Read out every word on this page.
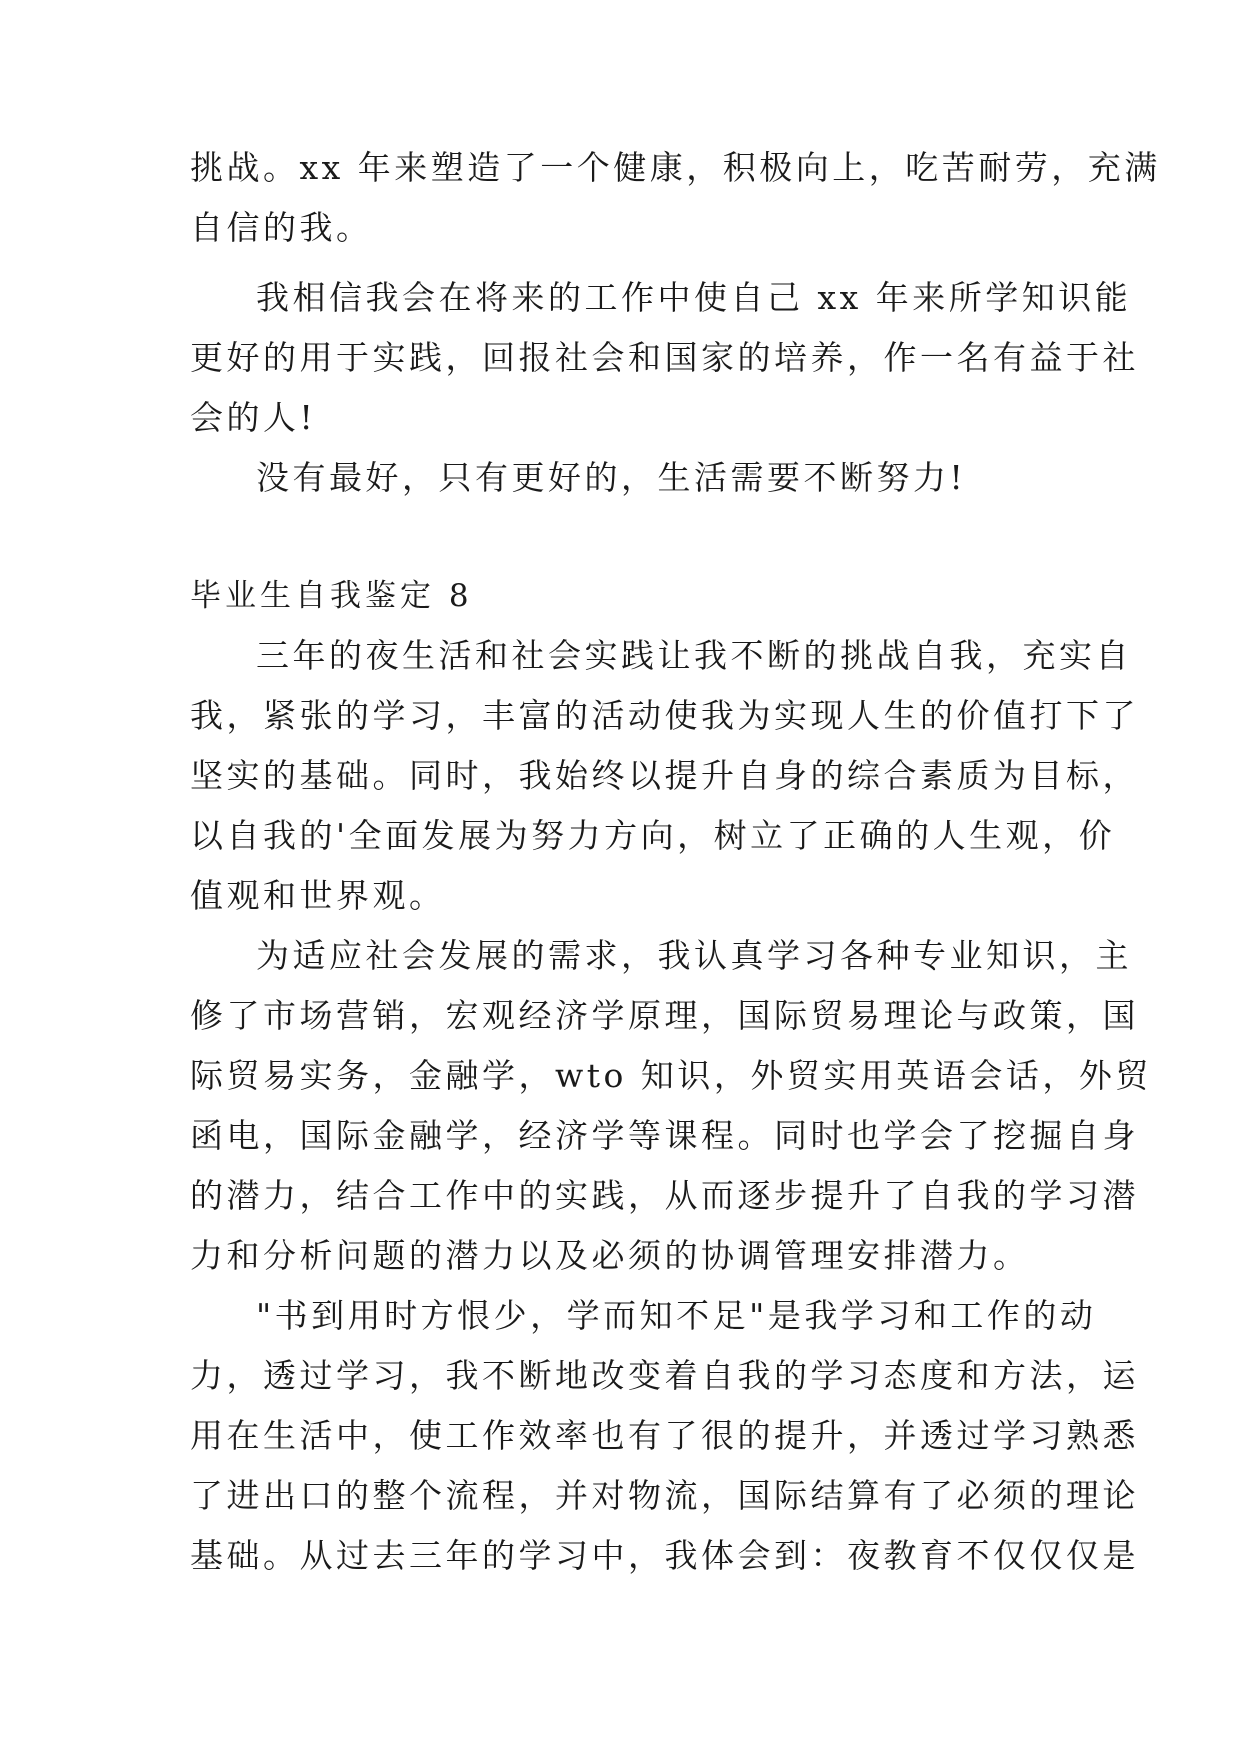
挑战。xx 年来塑造了一个健康，积极向上，吃苦耐劳，充满
自信的我。
我相信我会在将来的工作中使自己 xx 年来所学知识能
更好的用于实践，回报社会和国家的培养，作一名有益于社
会的人!
没有最好，只有更好的，生活需要不断努力!
毕业生自我鉴定 8
三年的夜生活和社会实践让我不断的挑战自我，充实自
我，紧张的学习，丰富的活动使我为实现人生的价值打下了
坚实的基础。同时，我始终以提升自身的综合素质为目标，
以自我的'全面发展为努力方向，树立了正确的人生观，价
值观和世界观。
为适应社会发展的需求，我认真学习各种专业知识，主
修了市场营销，宏观经济学原理，国际贸易理论与政策，国
际贸易实务，金融学，wto 知识，外贸实用英语会话，外贸
函电，国际金融学，经济学等课程。同时也学会了挖掘自身
的潜力，结合工作中的实践，从而逐步提升了自我的学习潜
力和分析问题的潜力以及必须的协调管理安排潜力。
"书到用时方恨少，学而知不足"是我学习和工作的动
力，透过学习，我不断地改变着自我的学习态度和方法，运
用在生活中，使工作效率也有了很的提升，并透过学习熟悉
了进出口的整个流程，并对物流，国际结算有了必须的理论
基础。从过去三年的学习中，我体会到：夜教育不仅仅仅是
